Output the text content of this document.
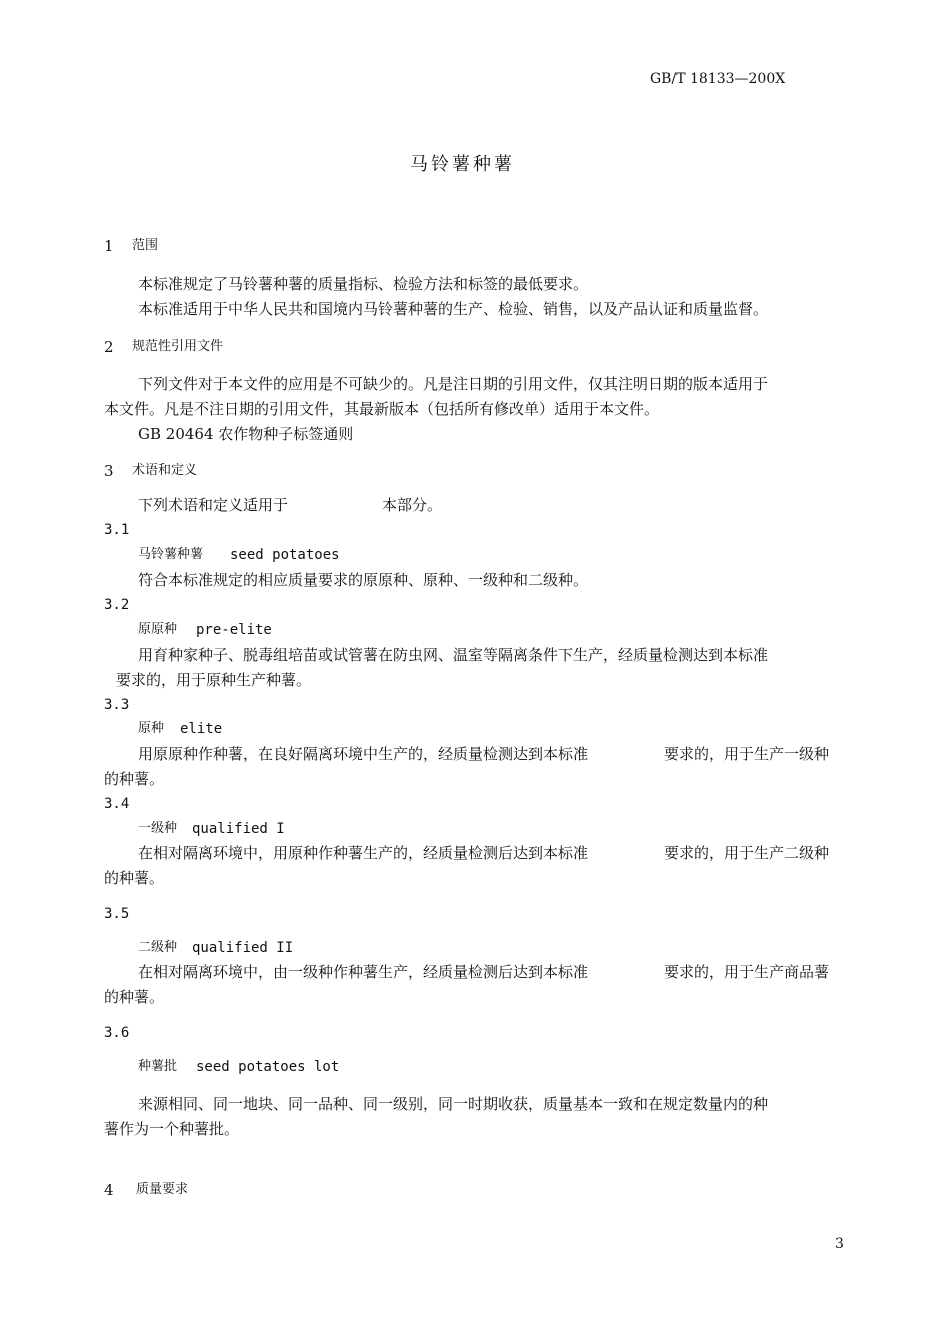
GB/T 18133—200X
马铃薯种薯
1 范围
本标准规定了马铃薯种薯的质量指标、检验方法和标签的最低要求。
本标准适用于中华人民共和国境内马铃薯种薯的生产、检验、销售，以及产品认证和质量监督。
2 规范性引用文件
下列文件对于本文件的应用是不可缺少的。凡是注日期的引用文件，仅其注明日期的版本适用于
本文件。凡是不注日期的引用文件，其最新版本（包括所有修改单）适用于本文件。
GB 20464 农作物种子标签通则
3 术语和定义
下列术语和定义适用于	本部分。
3.1
马铃薯种薯 seed potatoes
符合本标准规定的相应质量要求的原原种、原种、一级种和二级种。
3.2
原原种 pre-elite
用育种家种子、脱毒组培苗或试管薯在防虫网、温室等隔离条件下生产，经质量检测达到本标准
要求的，用于原种生产种薯。
3.3
原种 elite
用原原种作种薯，在良好隔离环境中生产的，经质量检测达到本标准	要求的，用于生产一级种
的种薯。
3.4
一级种 qualified I
在相对隔离环境中，用原种作种薯生产的，经质量检测后达到本标准	要求的，用于生产二级种
的种薯。
3.5
二级种 qualified II
在相对隔离环境中，由一级种作种薯生产，经质量检测后达到本标准	要求的，用于生产商品薯
的种薯。
3.6
种薯批 seed potatoes lot
来源相同、同一地块、同一品种、同一级别，同一时期收获，质量基本一致和在规定数量内的种
薯作为一个种薯批。
4 质量要求
3
